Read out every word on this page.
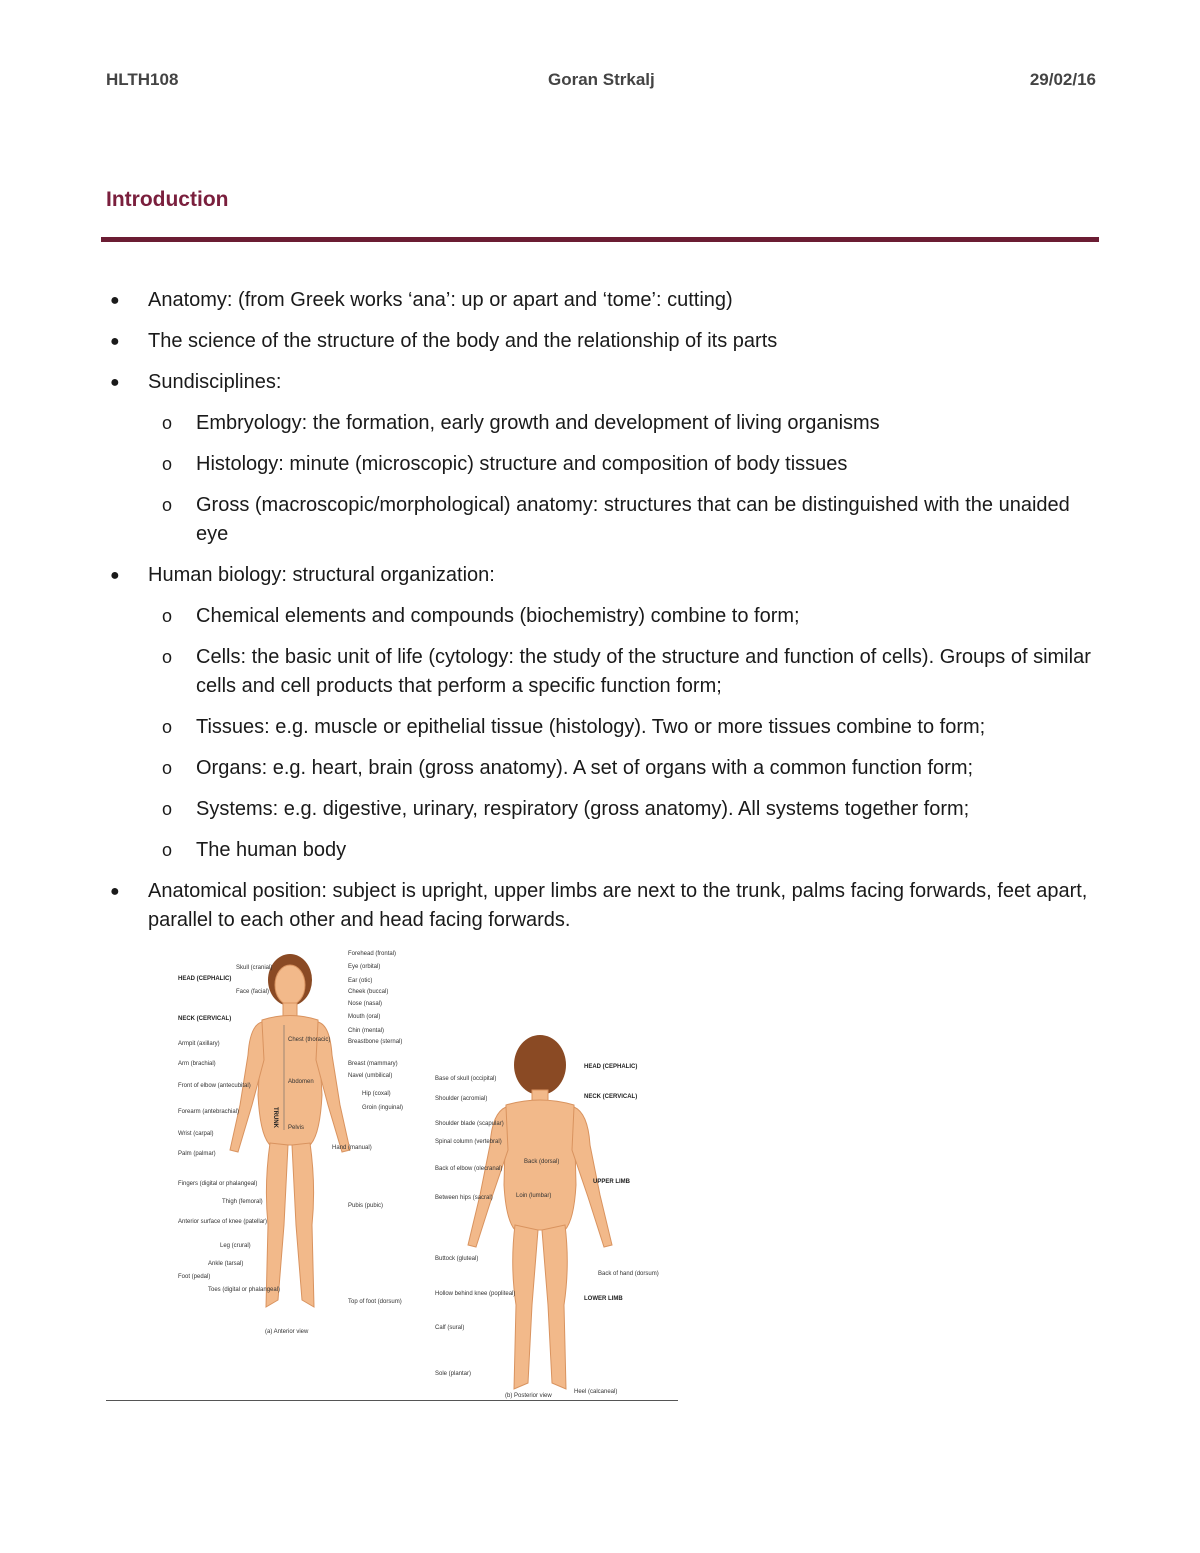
HLTH108	Goran Strkalj	29/02/16
Introduction
● Anatomy: (from Greek works ‘ana’: up or apart and ‘tome’: cutting)
● The science of the structure of the body and the relationship of its parts
● Sundisciplines:
o Embryology: the formation, early growth and development of living organisms
o Histology: minute (microscopic) structure and composition of body tissues
o Gross (macroscopic/morphological) anatomy: structures that can be distinguished with the unaided eye
● Human biology: structural organization:
o Chemical elements and compounds (biochemistry) combine to form;
o Cells: the basic unit of life (cytology: the study of the structure and function of cells). Groups of similar cells and cell products that perform a specific function form;
o Tissues: e.g. muscle or epithelial tissue (histology). Two or more tissues combine to form;
o Organs: e.g. heart, brain (gross anatomy). A set of organs with a common function form;
o Systems: e.g. digestive, urinary, respiratory (gross anatomy). All systems together form;
o The human body
● Anatomical position: subject is upright, upper limbs are next to the trunk, palms facing forwards, feet apart, parallel to each other and head facing forwards.
HEAD (CEPHALIC)
Skull (cranial)
Face (facial)
NECK (CERVICAL)
Armpit (axillary)
Arm (brachial)
Front of elbow (antecubital)
Forearm (antebrachial)
Wrist (carpal)
Palm (palmar)
Fingers (digital or phalangeal)
Thigh (femoral)
Anterior surface of knee (patellar)
Leg (crural)
Foot (pedal)
Ankle (tarsal)
Toes (digital or phalangeal)
Forehead (frontal)
Eye (orbital)
Ear (otic)
Cheek (buccal)
Nose (nasal)
Mouth (oral)
Chin (mental)
Breastbone (sternal)
Breast (mammary)
Navel (umbilical)
Hip (coxal)
Groin (inguinal)
Hand (manual)
Pubis (pubic)
Top of foot (dorsum)
Chest (thoracic)
Abdomen
Pelvis
TRUNK
(a) Anterior view
Base of skull (occipital)
Shoulder (acromial)
Shoulder blade (scapular)
Spinal column (vertebral)
Back of elbow (olecranal)
Between hips (sacral)
Buttock (gluteal)
Hollow behind knee (popliteal)
Calf (sural)
Sole (plantar)
HEAD (CEPHALIC)
NECK (CERVICAL)
UPPER LIMB
Back of hand (dorsum)
LOWER LIMB
Heel (calcaneal)
Back (dorsal)
Loin (lumbar)
(b) Posterior view
